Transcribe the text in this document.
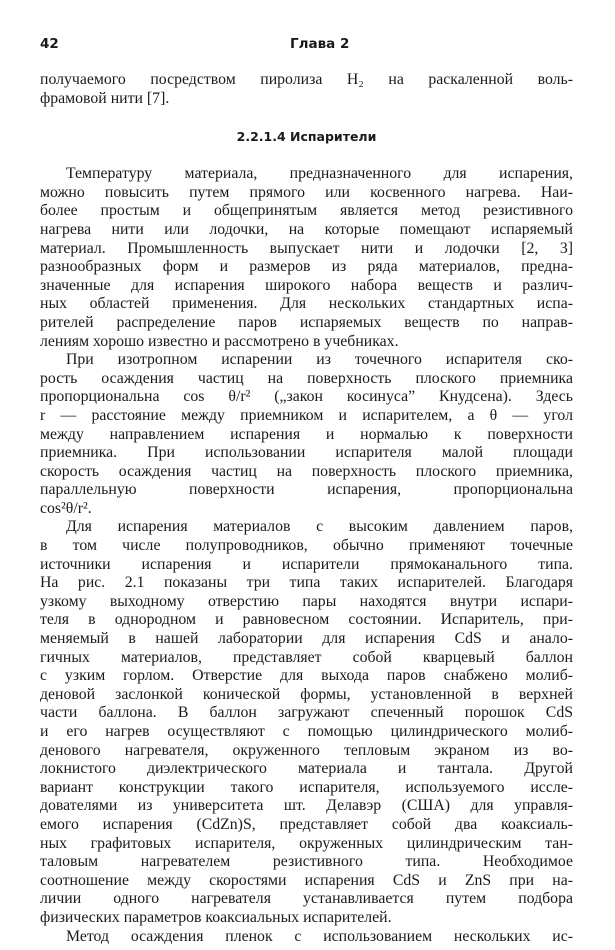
42	Глава 2
получаемого посредством пиролиза H₂ на раскаленной воль-
фрамовой нити [7].
2.2.1.4 Испарители
Температуру материала, предназначенного для испарения,
можно повысить путем прямого или косвенного нагрева. Наи-
более простым и общепринятым является метод резистивного
нагрева нити или лодочки, на которые помещают испаряемый
материал. Промышленность выпускает нити и лодочки [2, 3]
разнообразных форм и размеров из ряда материалов, предна-
значенные для испарения широкого набора веществ и различ-
ных областей применения. Для нескольких стандартных испа-
рителей распределение паров испаряемых веществ по направ-
лениям хорошо известно и рассмотрено в учебниках.
При изотропном испарении из точечного испарителя ско-
рость осаждения частиц на поверхность плоского приемника
пропорциональна cos θ/r² („закон косинуса” Кнудсена). Здесь
r — расстояние между приемником и испарителем, а θ — угол
между направлением испарения и нормалью к поверхности
приемника. При использовании испарителя малой площади
скорость осаждения частиц на поверхность плоского приемника,
параллельную поверхности испарения, пропорциональна
cos²θ/r².
Для испарения материалов с высоким давлением паров,
в том числе полупроводников, обычно применяют точечные
источники испарения и испарители прямоканального типа.
На рис. 2.1 показаны три типа таких испарителей. Благодаря
узкому выходному отверстию пары находятся внутри испари-
теля в однородном и равновесном состоянии. Испаритель, при-
меняемый в нашей лаборатории для испарения CdS и анало-
гичных материалов, представляет собой кварцевый баллон
с узким горлом. Отверстие для выхода паров снабжено молиб-
деновой заслонкой конической формы, установленной в верхней
части баллона. В баллон загружают спеченный порошок CdS
и его нагрев осуществляют с помощью цилиндрического молиб-
денового нагревателя, окруженного тепловым экраном из во-
локнистого диэлектрического материала и тантала. Другой
вариант конструкции такого испарителя, используемого иссле-
дователями из университета шт. Делавэр (США) для управля-
емого испарения (CdZn)S, представляет собой два коаксиаль-
ных графитовых испарителя, окруженных цилиндрическим тан-
таловым нагревателем резистивного типа. Необходимое
соотношение между скоростями испарения CdS и ZnS при на-
личии одного нагревателя устанавливается путем подбора
физических параметров коаксиальных испарителей.
Метод осаждения пленок с использованием нескольких ис-
